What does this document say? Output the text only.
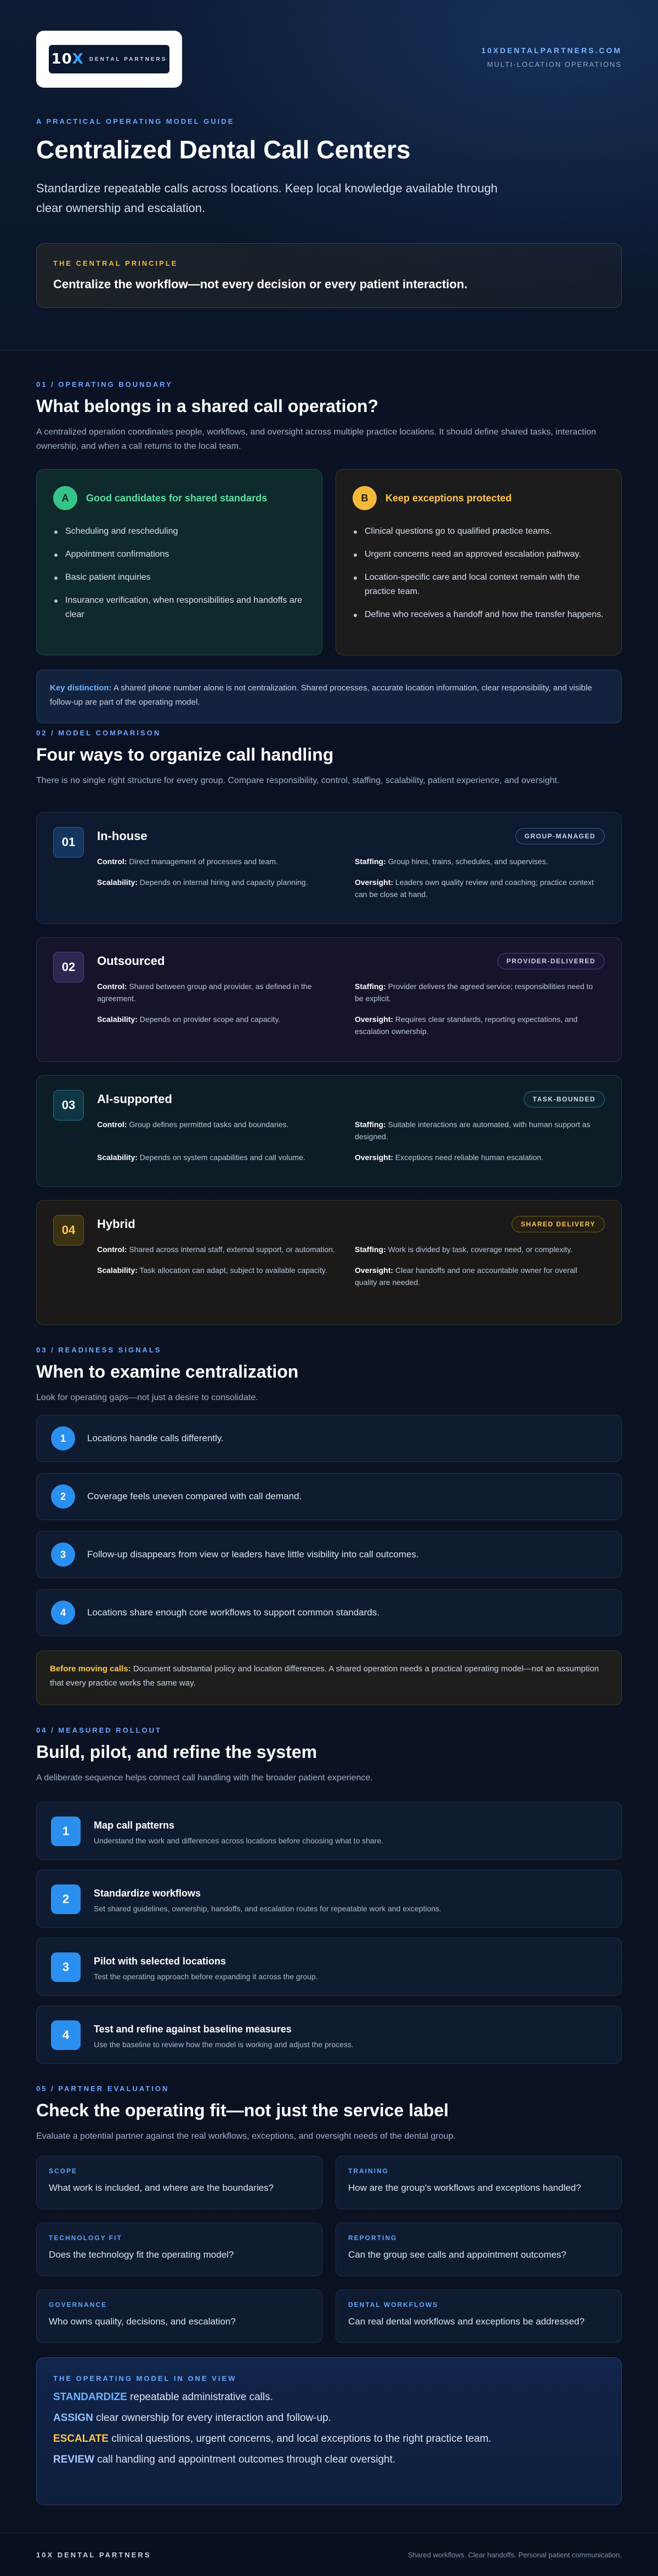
10X DENTAL PARTNERS
10XDENTALPARTNERS.COM
MULTI-LOCATION OPERATIONS
A PRACTICAL OPERATING MODEL GUIDE
Centralized Dental Call Centers

Standardize repeatable calls across locations. Keep local knowledge available through clear ownership and escalation.

THE CENTRAL PRINCIPLE
Centralize the workflow—not every decision or every patient interaction.
01 / OPERATING BOUNDARY
What belongs in a shared call operation?

A centralized operation coordinates people, workflows, and oversight across multiple practice locations. It should define shared tasks, interaction ownership, and when a call returns to the local team.

A	Good candidates for shared standards
Scheduling and rescheduling
Appointment confirmations
Basic patient inquiries
Insurance verification, when responsibilities and handoffs are clear
B	Keep exceptions protected
Clinical questions go to qualified practice teams.
Urgent concerns need an approved escalation pathway.
Location-specific care and local context remain with the practice team.
Define who receives a handoff and how the transfer happens.
Key distinction: A shared phone number alone is not centralization. Shared processes, accurate location information, clear responsibility, and visible follow-up are part of the operating model.
02 / MODEL COMPARISON
Four ways to organize call handling

There is no single right structure for every group. Compare responsibility, control, staffing, scalability, patient experience, and oversight.

01	In-house	GROUP-MANAGED
Control: Direct management of processes and team.	Staffing: Group hires, trains, schedules, and supervises.
Scalability: Depends on internal hiring and capacity planning.	Oversight: Leaders own quality review and coaching; practice context can be close at hand.
02	Outsourced	PROVIDER-DELIVERED
Control: Shared between group and provider, as defined in the agreement.
Staffing: Provider delivers the agreed service; responsibilities need to be explicit.
Scalability: Depends on provider scope and capacity.	Oversight: Requires clear standards, reporting expectations, and escalation ownership.
03	AI-supported	TASK-BOUNDED
Control: Group defines permitted tasks and boundaries.	Staffing: Suitable interactions are automated, with human support as designed.
Scalability: Depends on system capabilities and call volume.	Oversight: Exceptions need reliable human escalation.
04	Hybrid	SHARED DELIVERY
Control: Shared across internal staff, external support, or automation.	Staffing: Work is divided by task, coverage need, or complexity.
Scalability: Task allocation can adapt, subject to available capacity.	Oversight: Clear handoffs and one accountable owner for overall quality are needed.
03 / READINESS SIGNALS
When to examine centralization

Look for operating gaps—not just a desire to consolidate.

1	Locations handle calls differently.
2	Coverage feels uneven compared with call demand.
3	Follow-up disappears from view or leaders have little visibility into call outcomes.
4	Locations share enough core workflows to support common standards.
Before moving calls: Document substantial policy and location differences. A shared operation needs a practical operating model—not an assumption that every practice works the same way.
04 / MEASURED ROLLOUT
Build, pilot, and refine the system

A deliberate sequence helps connect call handling with the broader patient experience.

1	Map call patterns
Understand the work and differences across locations before choosing what to share.
2	Standardize workflows
Set shared guidelines, ownership, handoffs, and escalation routes for repeatable work and exceptions.
3	Pilot with selected locations
Test the operating approach before expanding it across the group.
4	Test and refine against baseline measures
Use the baseline to review how the model is working and adjust the process.
05 / PARTNER EVALUATION
Check the operating fit—not just the service label

Evaluate a potential partner against the real workflows, exceptions, and oversight needs of the dental group.

SCOPE
What work is included, and where are the boundaries?
TRAINING
How are the group's workflows and exceptions handled?
TECHNOLOGY FIT
Does the technology fit the operating model?
REPORTING
Can the group see calls and appointment outcomes?
GOVERNANCE
Who owns quality, decisions, and escalation?
DENTAL WORKFLOWS
Can real dental workflows and exceptions be addressed?
THE OPERATING MODEL IN ONE VIEW
STANDARDIZE repeatable administrative calls.
ASSIGN clear ownership for every interaction and follow-up.
ESCALATE clinical questions, urgent concerns, and local exceptions to the right practice team.
REVIEW call handling and appointment outcomes through clear oversight.
10X DENTAL PARTNERS	Shared workflows. Clear handoffs. Personal patient communication.
